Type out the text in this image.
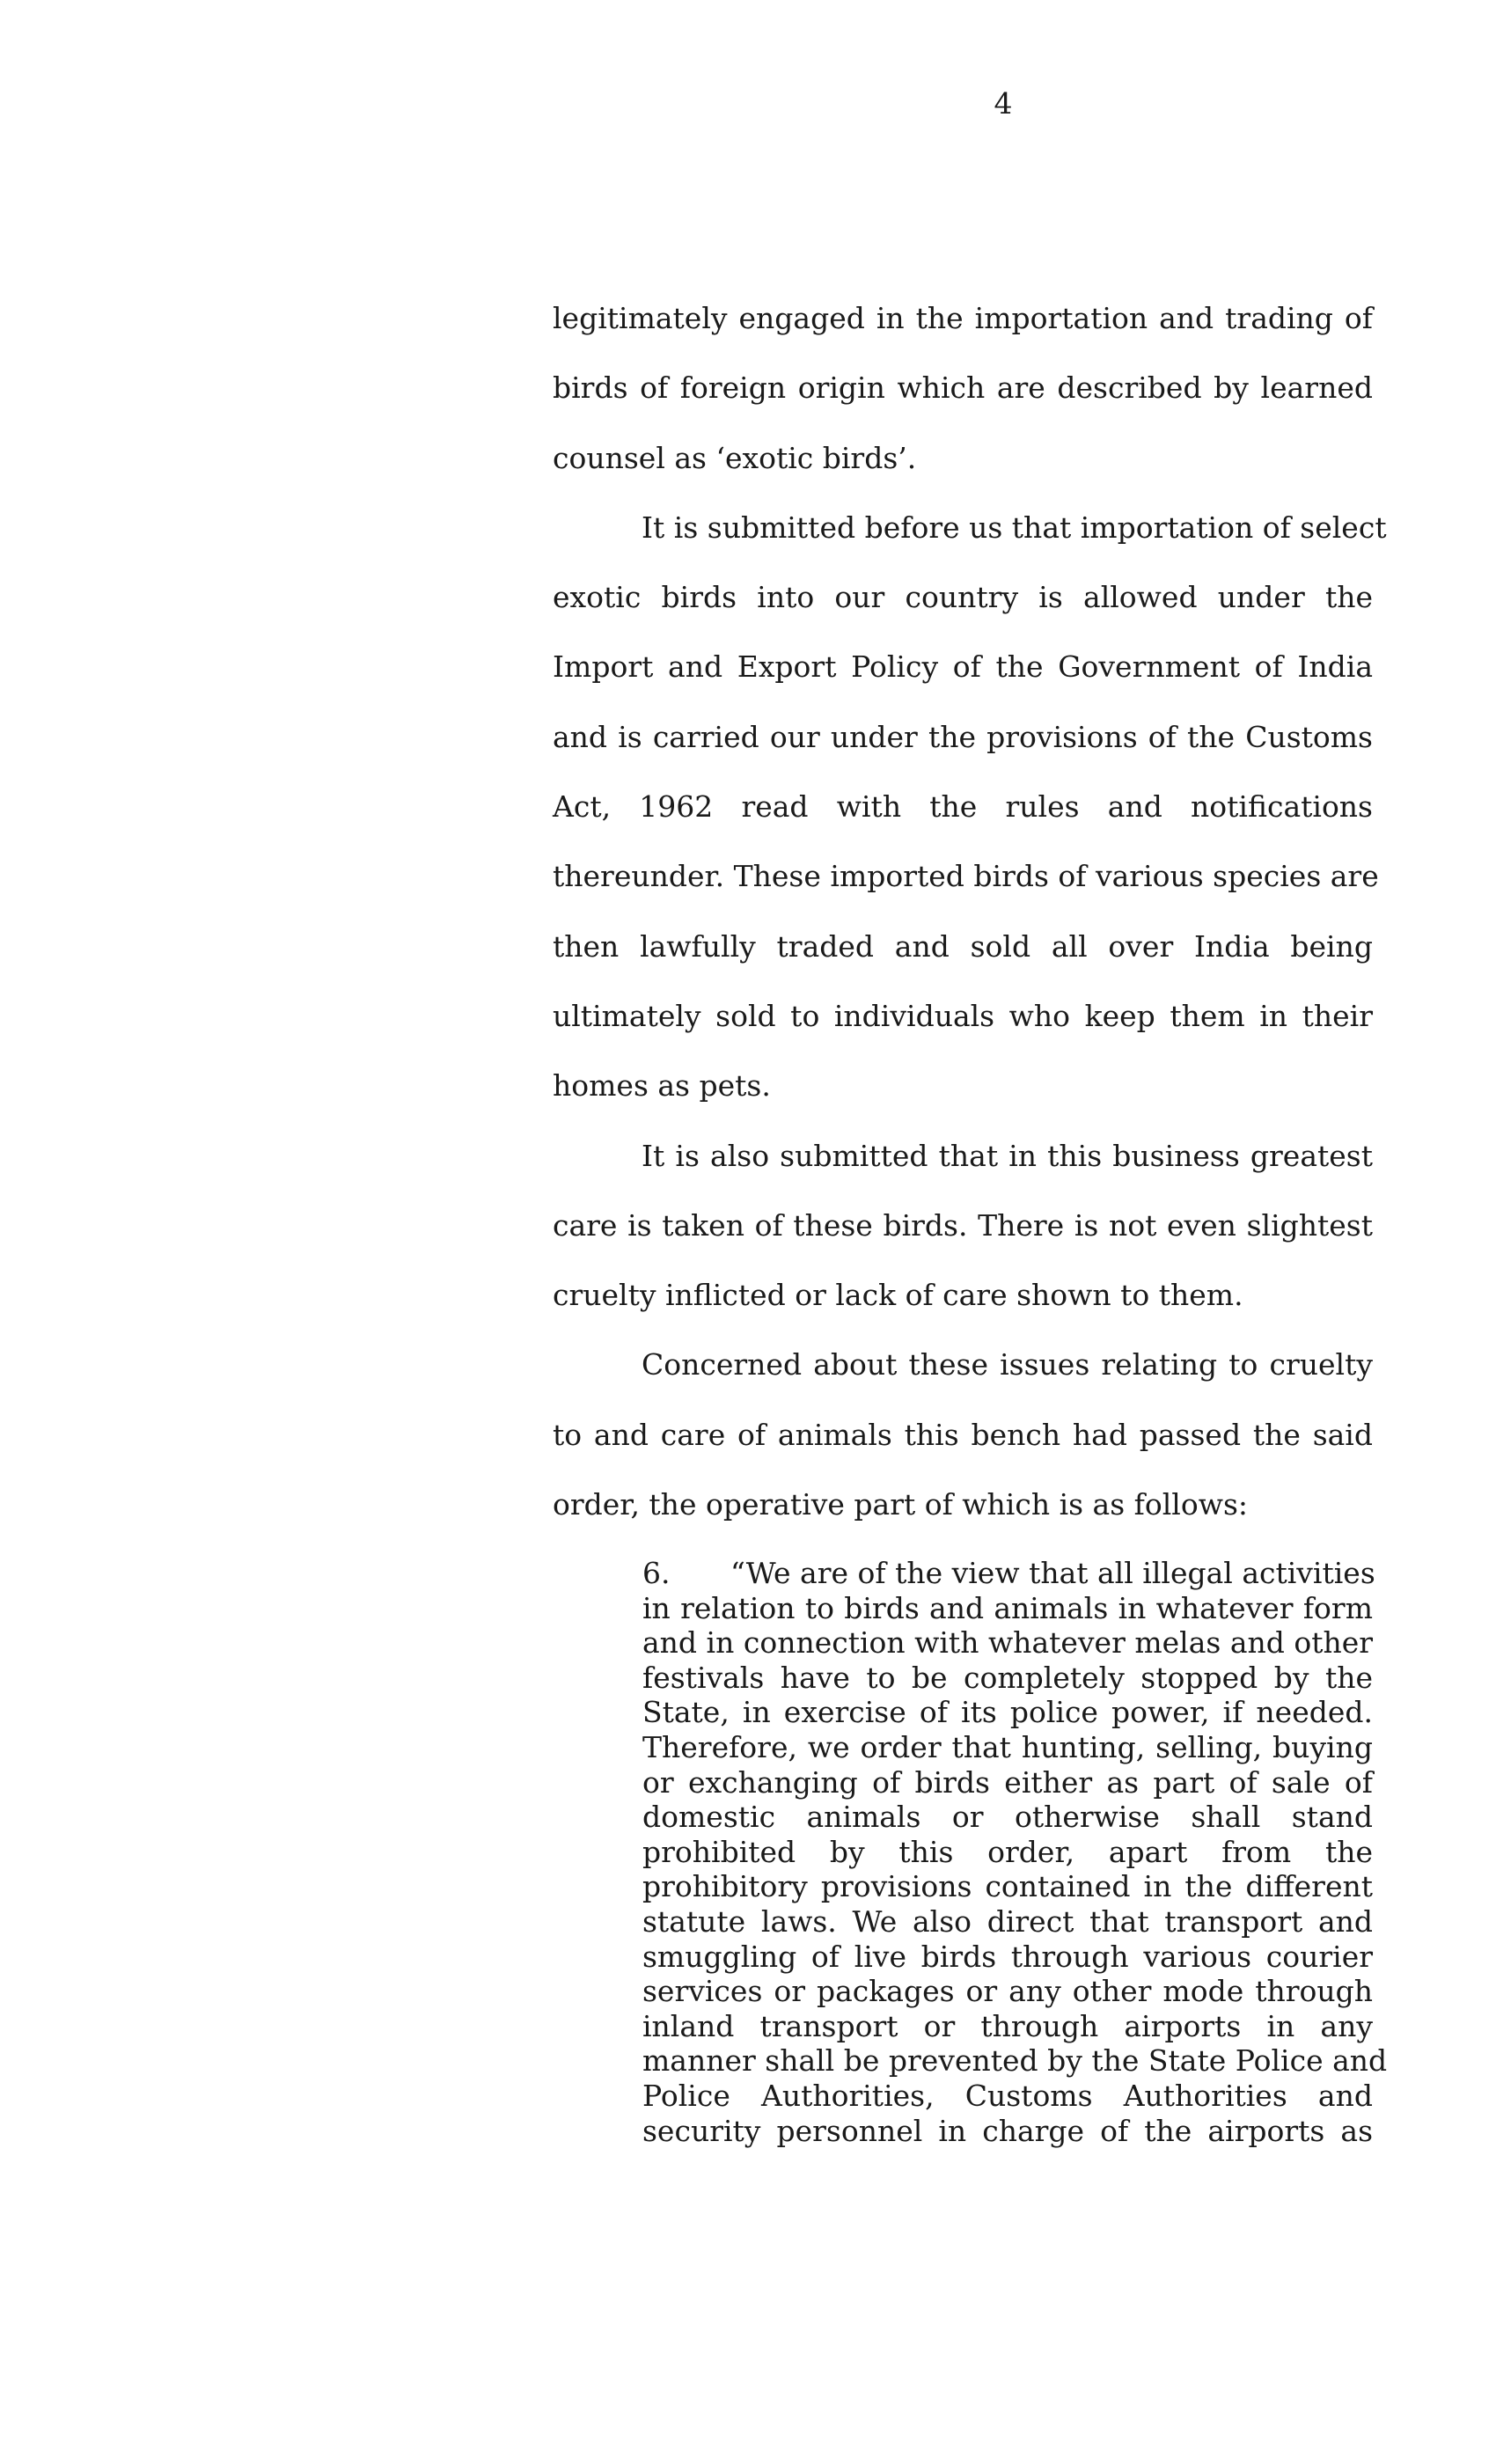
4

legitimately engaged in the importation and trading of
birds of foreign origin which are described by learned
counsel as ‘exotic birds’.

It is submitted before us that importation of select
exotic birds into our country is allowed under the
Import and Export Policy of the Government of India
and is carried our under the provisions of the Customs
Act, 1962 read with the rules and notifications
thereunder. These imported birds of various species are
then lawfully traded and sold all over India being
ultimately sold to individuals who keep them in their
homes as pets.

It is also submitted that in this business greatest
care is taken of these birds. There is not even slightest
cruelty inflicted or lack of care shown to them.

Concerned about these issues relating to cruelty
to and care of animals this bench had passed the said
order, the operative part of which is as follows:

6. “We are of the view that all illegal activities
in relation to birds and animals in whatever form
and in connection with whatever melas and other
festivals have to be completely stopped by the
State, in exercise of its police power, if needed.
Therefore, we order that hunting, selling, buying
or exchanging of birds either as part of sale of
domestic animals or otherwise shall stand
prohibited by this order, apart from the
prohibitory provisions contained in the different
statute laws. We also direct that transport and
smuggling of live birds through various courier
services or packages or any other mode through
inland transport or through airports in any
manner shall be prevented by the State Police and
Police Authorities, Customs Authorities and
security personnel in charge of the airports as
